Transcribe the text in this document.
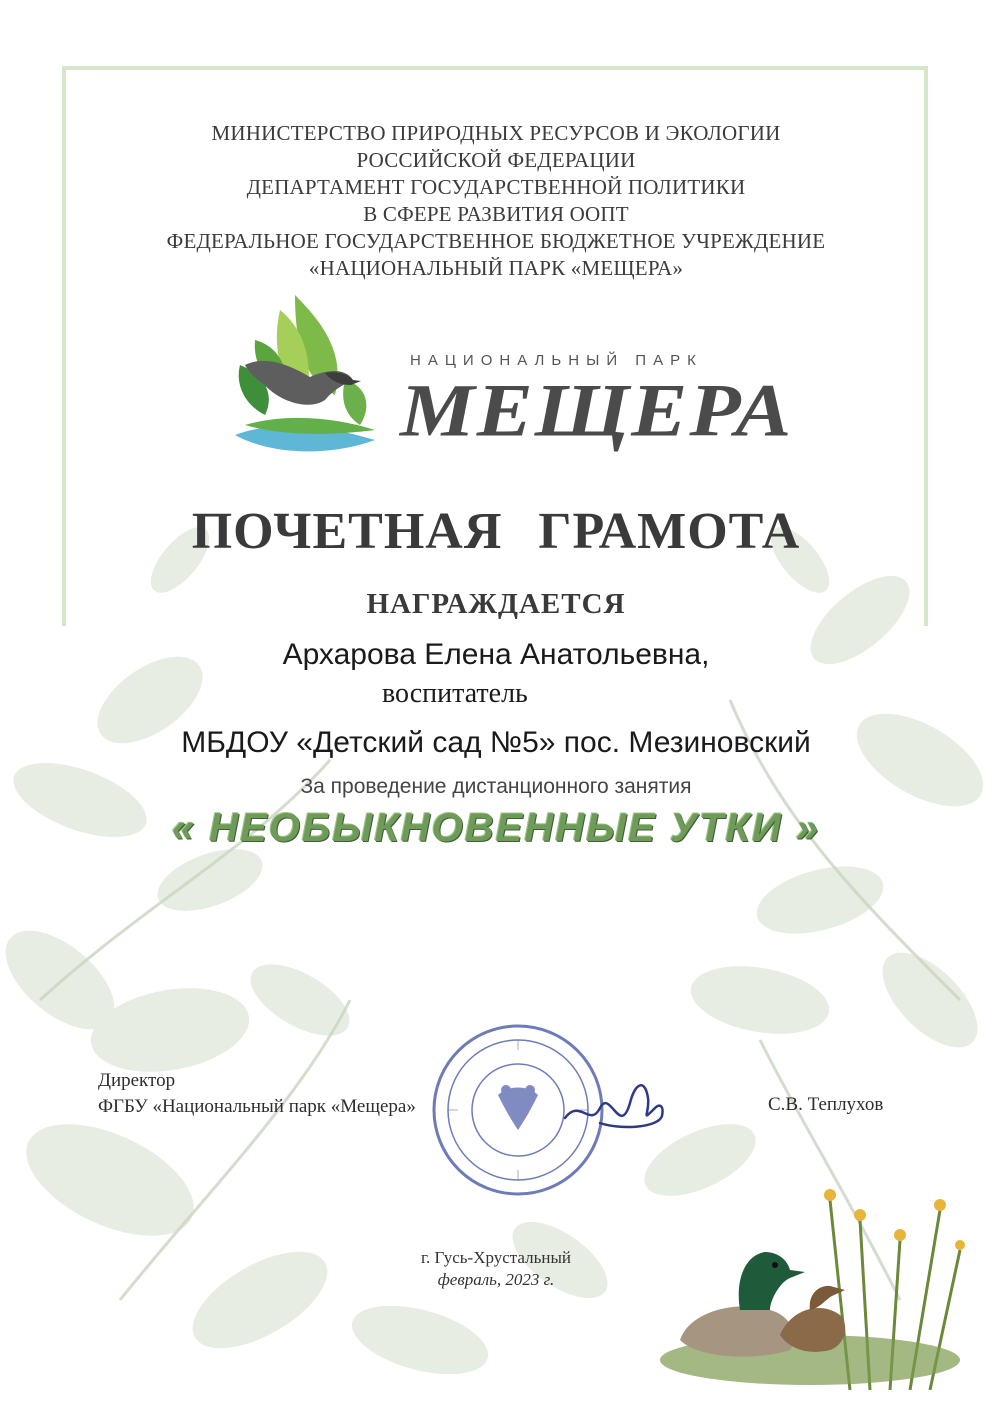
МИНИСТЕРСТВО ПРИРОДНЫХ РЕСУРСОВ И ЭКОЛОГИИ
РОССИЙСКОЙ ФЕДЕРАЦИИ
ДЕПАРТАМЕНТ ГОСУДАРСТВЕННОЙ ПОЛИТИКИ
В СФЕРЕ РАЗВИТИЯ ООПТ
ФЕДЕРАЛЬНОЕ ГОСУДАРСТВЕННОЕ БЮДЖЕТНОЕ УЧРЕЖДЕНИЕ
«НАЦИОНАЛЬНЫЙ ПАРК «МЕЩЕРА»
НАЦИОНАЛЬНЫЙ ПАРК
МЕЩЕРА
ПОЧЕТНАЯ ГРАМОТА
НАГРАЖДАЕТСЯ
Архарова Елена Анатольевна,
воспитатель
МБДОУ «Детский сад №5» пос. Мезиновский
За проведение дистанционного занятия
« НЕОБЫКНОВЕННЫЕ УТКИ »
Директор
ФГБУ «Национальный парк «Мещера»	С.В. Теплухов
г. Гусь-Хрустальный
февраль, 2023 г.
